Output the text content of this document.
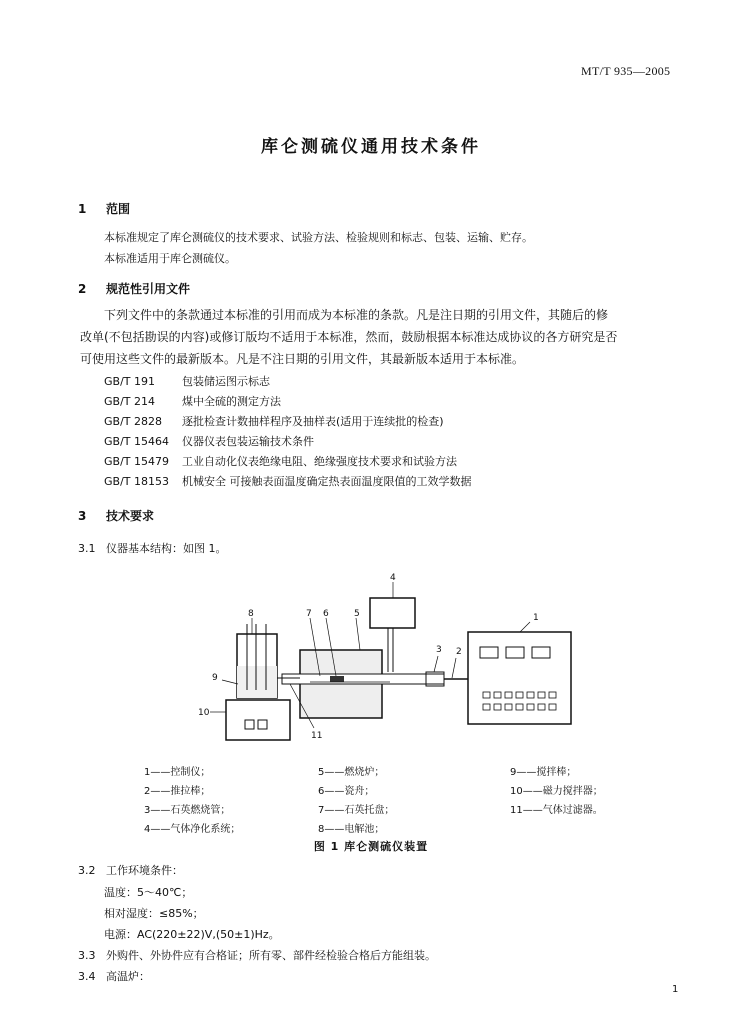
MT/T 935—2005
库仑测硫仪通用技术条件
1 范围
本标准规定了库仑测硫仪的技术要求、试验方法、检验规则和标志、包装、运输、贮存。
本标准适用于库仑测硫仪。
2 规范性引用文件
下列文件中的条款通过本标准的引用而成为本标准的条款。凡是注日期的引用文件，其随后的修
改单(不包括勘误的内容)或修订版均不适用于本标准，然而，鼓励根据本标准达成协议的各方研究是否
可使用这些文件的最新版本。凡是不注日期的引用文件，其最新版本适用于本标准。
GB/T 191 包装储运图示标志
GB/T 214 煤中全硫的测定方法
GB/T 2828 逐批检查计数抽样程序及抽样表(适用于连续批的检查)
GB/T 15464 仪器仪表包装运输技术条件
GB/T 15479 工业自动化仪表绝缘电阻、绝缘强度技术要求和试验方法
GB/T 18153 机械安全 可接触表面温度确定热表面温度限值的工效学数据
3 技术要求
3.1 仪器基本结构：如图 1。
1
2
3
4
5
6
7
8
9
10
11
1——控制仪；
2——推拉棒；
3——石英燃烧管；
4——气体净化系统；
5——燃烧炉；
6——瓷舟；
7——石英托盘；
8——电解池；
9——搅拌棒；
10——磁力搅拌器；
11——气体过滤器。
图 1 库仑测硫仪装置
3.2 工作环境条件：
温度：5～40℃；
相对湿度：≤85%；
电源：AC(220±22)V,(50±1)Hz。
3.3 外购件、外协件应有合格证；所有零、部件经检验合格后方能组装。
3.4 高温炉：
1
